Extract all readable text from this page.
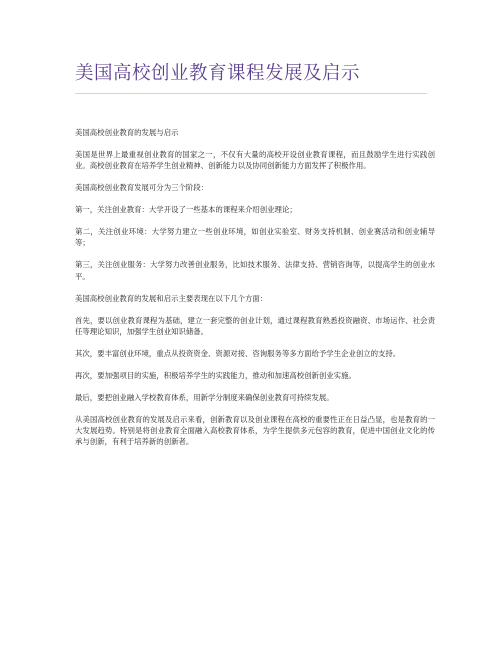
美国高校创业教育课程发展及启示

美国高校创业教育的发展与启示

美国是世界上最重视创业教育的国家之一，不仅有大量的高校开设创业教育课程，而且鼓励学生进行实践创业。高校创业教育在培养学生创业精神、创新能力以及协同创新能力方面发挥了积极作用。

美国高校创业教育发展可分为三个阶段：

第一，关注创业教育：大学开设了一些基本的课程来介绍创业理论；

第二，关注创业环境：大学努力建立一些创业环境，如创业实验室、财务支持机制、创业赛活动和创业辅导等；

第三，关注创业服务：大学努力改善创业服务，比如技术服务、法律支持、营销咨询等，以提高学生的创业水平。

美国高校创业教育的发展和启示主要表现在以下几个方面：

首先，要以创业教育课程为基础，建立一套完整的创业计划，通过课程教育熟悉投资融资、市场运作、社会责任等理论知识，加强学生创业知识储备。

其次，要丰富创业环境，重点从投资资金、资源对接、咨询服务等多方面给予学生企业创立的支持。

再次，要加强项目的实施，积极培养学生的实践能力，推动和加速高校创新创业实施。

最后，要把创业融入学校教育体系，用新学分制度来确保创业教育可持续发展。

从美国高校创业教育的发展及启示来看，创新教育以及创业课程在高校的重要性正在日益凸显，也是教育的一大发展趋势。特别是将创业教育全面融入高校教育体系，为学生提供多元包容的教育，促进中国创业文化的传承与创新，有利于培养新的创新者。
